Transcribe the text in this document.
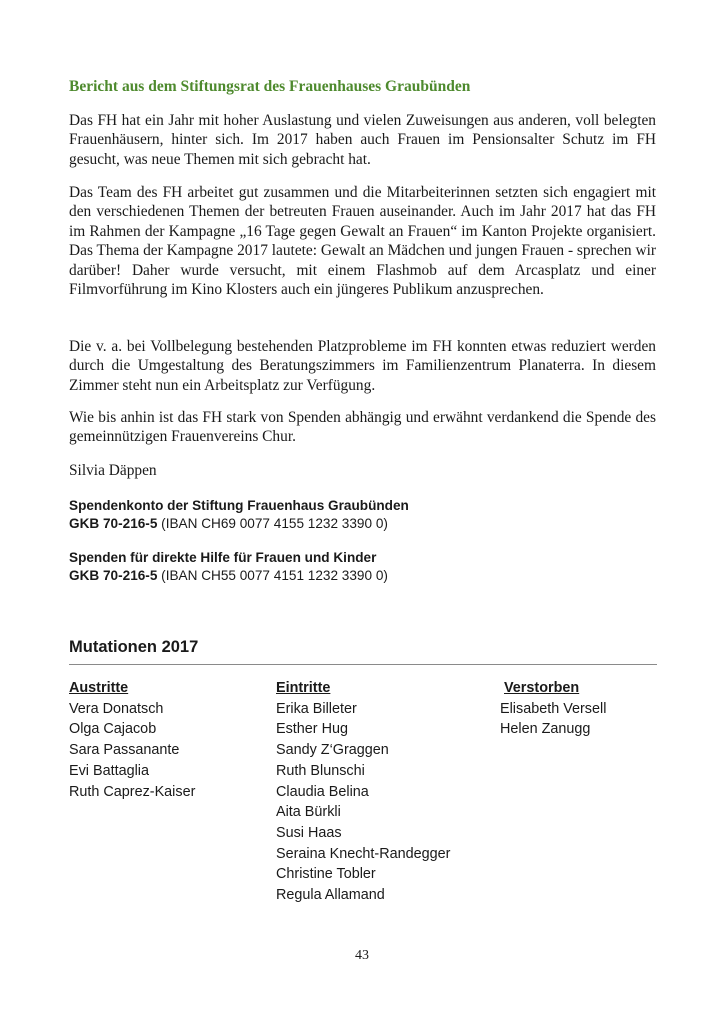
Bericht aus dem Stiftungsrat des Frauenhauses Graubünden

Das FH hat ein Jahr mit hoher Auslastung und vielen Zuweisungen aus anderen, voll belegten Frauenhäusern, hinter sich. Im 2017 haben auch Frauen im Pensionsalter Schutz im FH gesucht, was neue Themen mit sich gebracht hat.

Das Team des FH arbeitet gut zusammen und die Mitarbeiterinnen setzten sich engagiert mit den verschiedenen Themen der betreuten Frauen auseinander. Auch im Jahr 2017 hat das FH im Rahmen der Kampagne „16 Tage gegen Gewalt an Frauen“ im Kanton Projekte organisiert. Das Thema der Kampagne 2017 lautete: Gewalt an Mädchen und jungen Frauen - sprechen wir darüber! Daher wurde versucht, mit einem Flashmob auf dem Arcasplatz und einer Filmvorführung im Kino Klosters auch ein jüngeres Publikum anzusprechen.

Die v. a. bei Vollbelegung bestehenden Platzprobleme im FH konnten etwas reduziert werden durch die Umgestaltung des Beratungszimmers im Familienzentrum Planaterra. In diesem Zimmer steht nun ein Arbeitsplatz zur Verfügung.

Wie bis anhin ist das FH stark von Spenden abhängig und erwähnt verdankend die Spende des gemeinnützigen Frauenvereins Chur.

Silvia Däppen
Spendenkonto der Stiftung Frauenhaus Graubünden
GKB 70-216-5 (IBAN CH69 0077 4155 1232 3390 0)
Spenden für direkte Hilfe für Frauen und Kinder
GKB 70-216-5 (IBAN CH55 0077 4151 1232 3390 0)
Mutationen 2017
Austritte
Vera Donatsch
Olga Cajacob
Sara Passanante
Evi Battaglia
Ruth Caprez-Kaiser
Eintritte
Erika Billeter
Esther Hug
Sandy Z‘Graggen
Ruth Blunschi
Claudia Belina
Aita Bürkli
Susi Haas
Seraina Knecht-Randegger
Christine Tobler
Regula Allamand
Verstorben
Elisabeth Versell
Helen Zanugg
43
